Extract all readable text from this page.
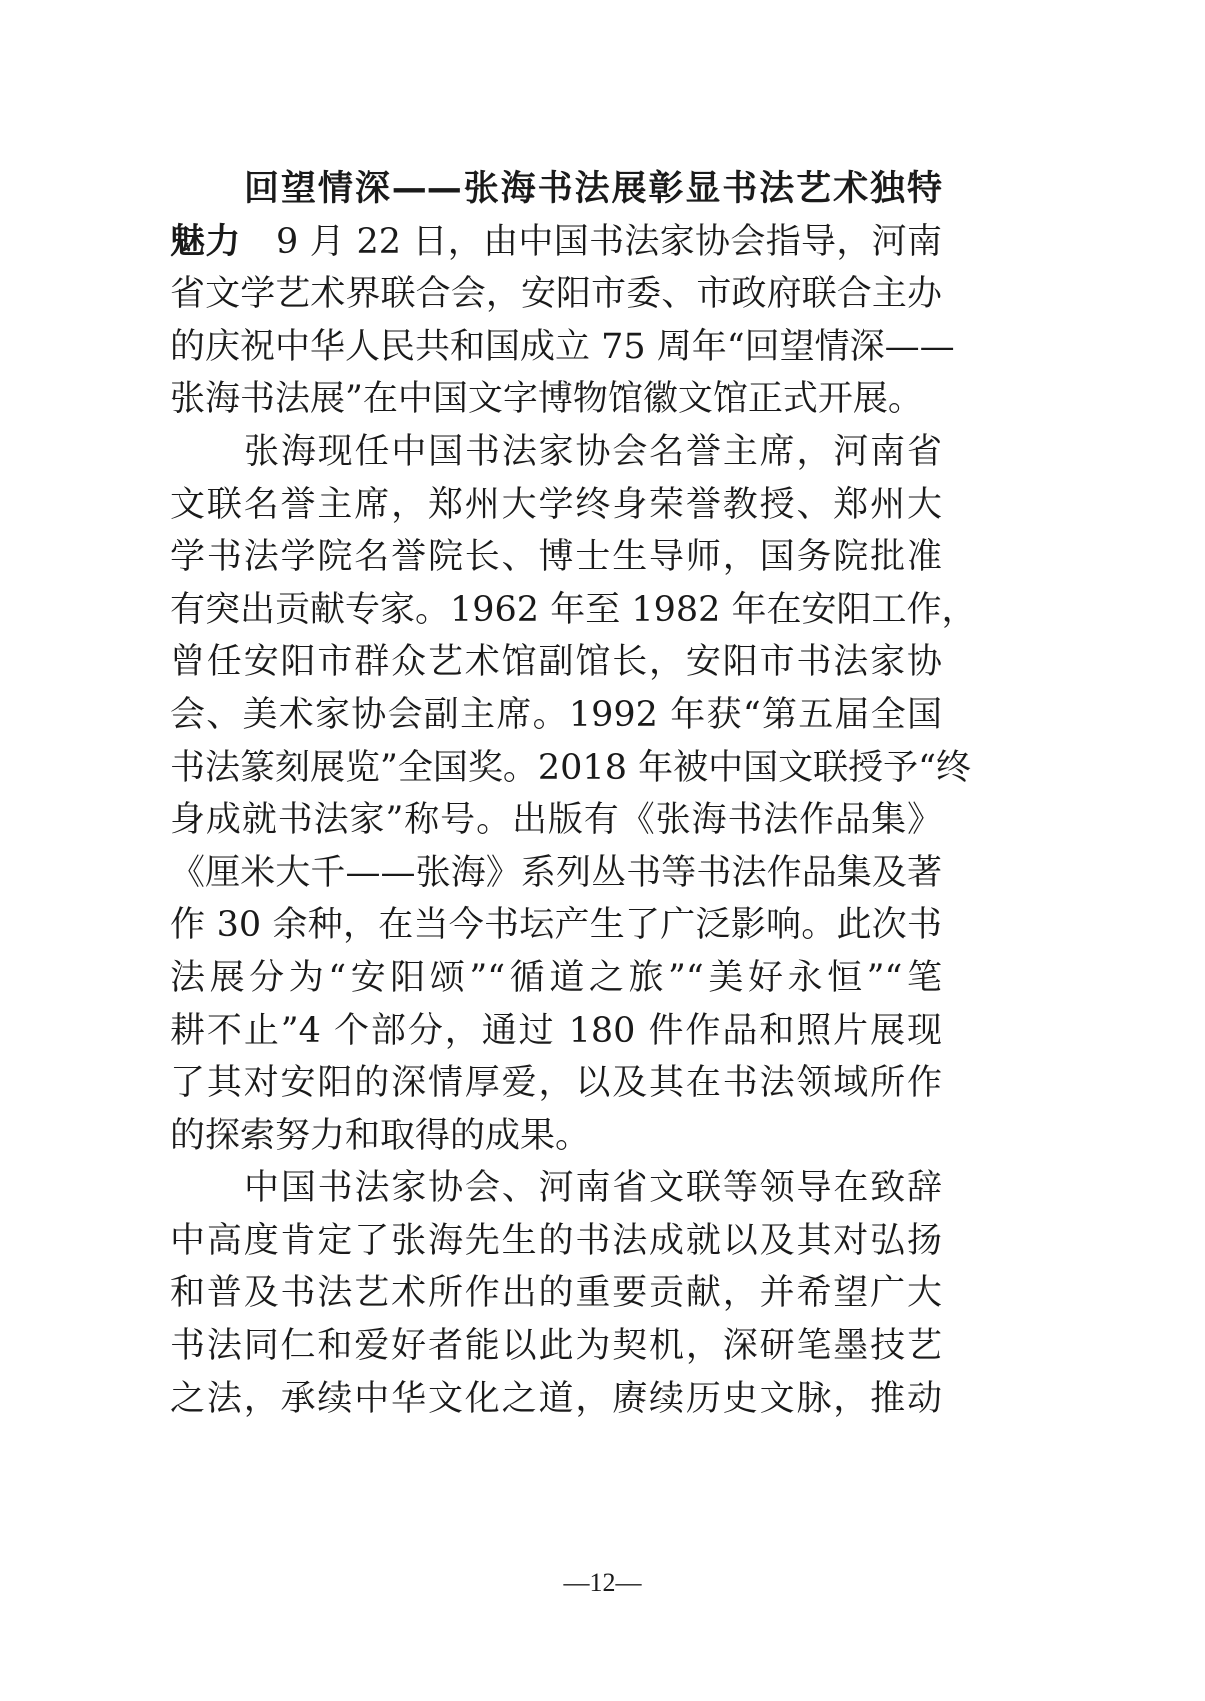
回望情深——张海书法展彰显书法艺术独特
魅力　9 月 22 日，由中国书法家协会指导，河南
省文学艺术界联合会，安阳市委、市政府联合主办
的庆祝中华人民共和国成立 75 周年“回望情深——
张海书法展”在中国文字博物馆徽文馆正式开展。
张海现任中国书法家协会名誉主席，河南省
文联名誉主席，郑州大学终身荣誉教授、郑州大
学书法学院名誉院长、博士生导师，国务院批准
有突出贡献专家。1962 年至 1982 年在安阳工作，
曾任安阳市群众艺术馆副馆长，安阳市书法家协
会、美术家协会副主席。1992 年获“第五届全国
书法篆刻展览”全国奖。2018 年被中国文联授予“终
身成就书法家”称号。出版有《张海书法作品集》
《厘米大千——张海》系列丛书等书法作品集及著
作 30 余种，在当今书坛产生了广泛影响。此次书
法展分为“安阳颂”“循道之旅”“美好永恒”“笔
耕不止”4 个部分，通过 180 件作品和照片展现
了其对安阳的深情厚爱，以及其在书法领域所作
的探索努力和取得的成果。
中国书法家协会、河南省文联等领导在致辞
中高度肯定了张海先生的书法成就以及其对弘扬
和普及书法艺术所作出的重要贡献，并希望广大
书法同仁和爱好者能以此为契机，深研笔墨技艺
之法，承续中华文化之道，赓续历史文脉，推动
—12—
